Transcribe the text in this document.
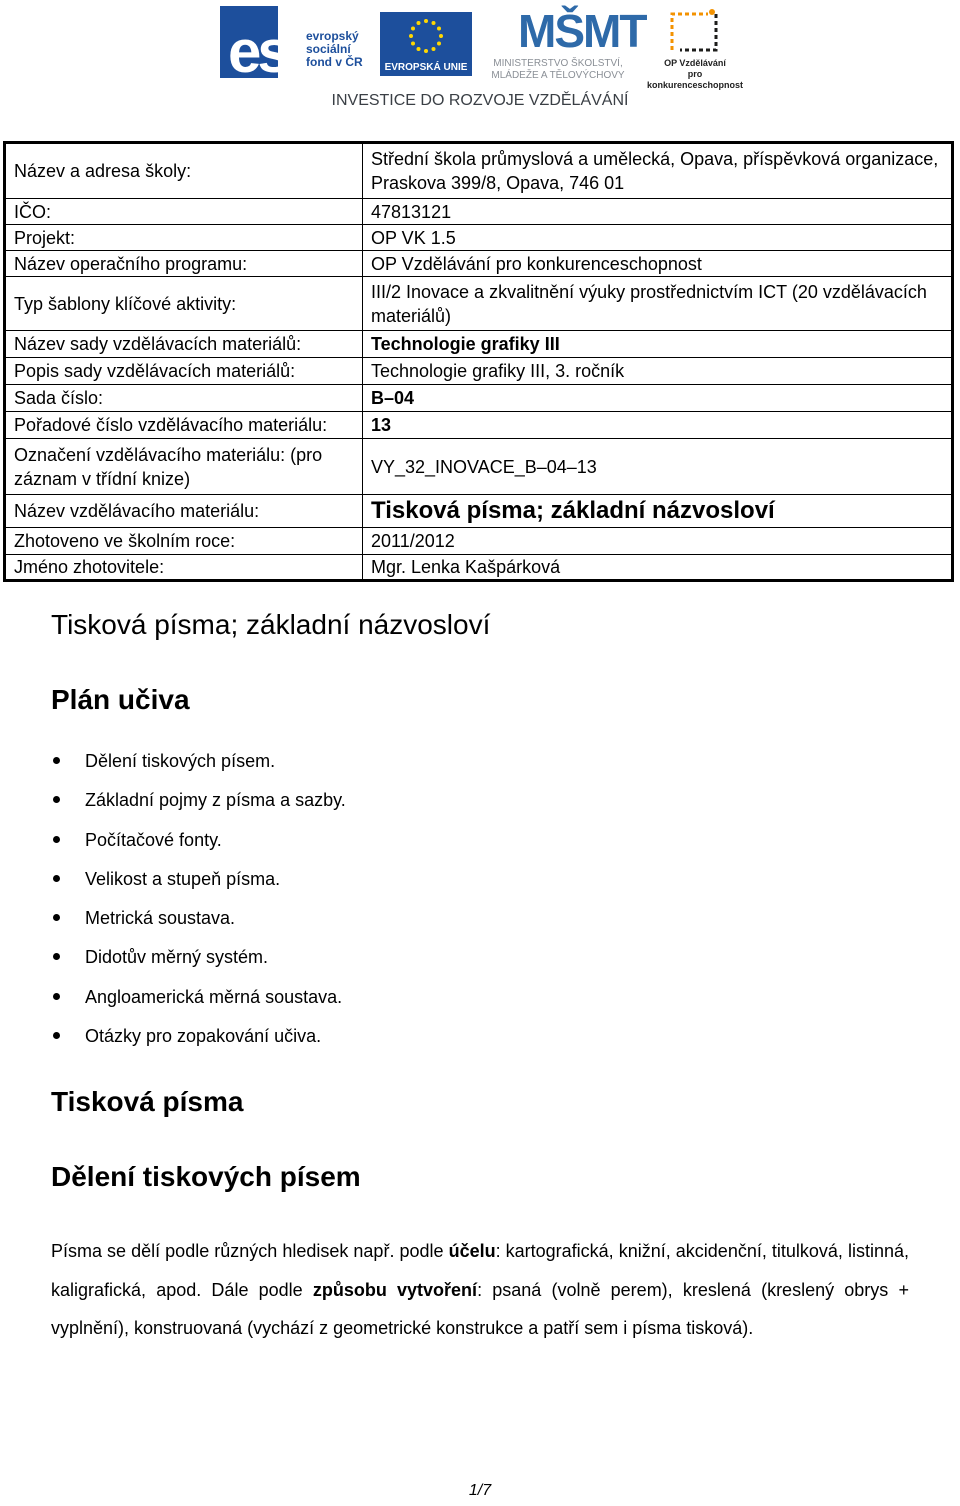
esf evropský
sociální
fond v ČR	EVROPSKÁ UNIE
MŠMT
MINISTERSTVO ŠKOLSTVÍ,
MLÁDEŽE A TĚLOVÝCHOVY
OP Vzdělávání
pro konkurenceschopnost
INVESTICE DO ROZVOJE VZDĚLÁVÁNÍ
Název a adresa školy:	Střední škola průmyslová a umělecká, Opava, příspěvková organizace, Praskova 399/8, Opava, 746 01
IČO:	47813121
Projekt:	OP VK 1.5
Název operačního programu:	OP Vzdělávání pro konkurenceschopnost
Typ šablony klíčové aktivity:	III/2 Inovace a zkvalitnění výuky prostřednictvím ICT (20 vzdělávacích materiálů)
Název sady vzdělávacích materiálů:	Technologie grafiky III
Popis sady vzdělávacích materiálů:	Technologie grafiky III, 3. ročník
Sada číslo:	B–04
Pořadové číslo vzdělávacího materiálu:	13
Označení vzdělávacího materiálu: (pro záznam v třídní knize)	VY_32_INOVACE_B–04–13
Název vzdělávacího materiálu:	Tisková písma; základní názvosloví
Zhotoveno ve školním roce:	2011/2012
Jméno zhotovitele:	Mgr. Lenka Kašpárková
Tisková písma; základní názvosloví
Plán učiva
Dělení tiskových písem.
Základní pojmy z písma a sazby.
Počítačové fonty.
Velikost a stupeň písma.
Metrická soustava.
Didotův měrný systém.
Angloamerická měrná soustava.
Otázky pro zopakování učiva.
Tisková písma
Dělení tiskových písem

Písma se dělí podle různých hledisek např. podle účelu: kartografická, knižní, akcidenční, titulková, listinná, kaligrafická, apod. Dále podle způsobu vytvoření: psaná (volně perem), kreslená (kreslený obrys + vyplnění), konstruovaná (vychází z geometrické konstrukce a patří sem i písma tisková).

1/7
